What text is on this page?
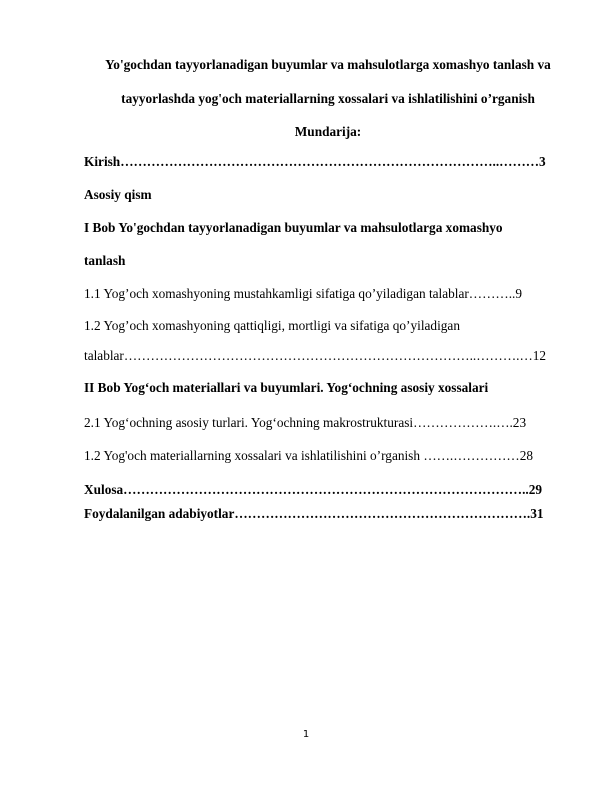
Yo'gochdan tayyorlanadigan buyumlar va mahsulotlarga xomashyo tanlash va
tayyorlashda yog'och materiallarning xossalari va ishlatilishini o’rganish
Mundarija:
Kirish…………………………………………………………………………..………3
Asosiy qism
I Bob Yo'gochdan tayyorlanadigan buyumlar va mahsulotlarga xomashyo
tanlash
1.1 Yog’och xomashyoning mustahkamligi sifatiga qo’yiladigan talablar………..9
1.2 Yog’och xomashyoning qattiqligi, mortligi va sifatiga qo’yiladigan
talablar……………………………………………………………………..……….…12
II Bob Yog‘och materiallari va buyumlari. Yog‘ochning asosiy xossalari
2.1 Yog‘ochning asosiy turlari. Yog‘ochning makrostrukturasi……………….….23
1.2 Yog'och materiallarning xossalari va ishlatilishini o’rganish …….……………28
Xulosa………………………………………………………………………………..29
Foydalanilgan adabiyotlar………………………………………………………….31
1
